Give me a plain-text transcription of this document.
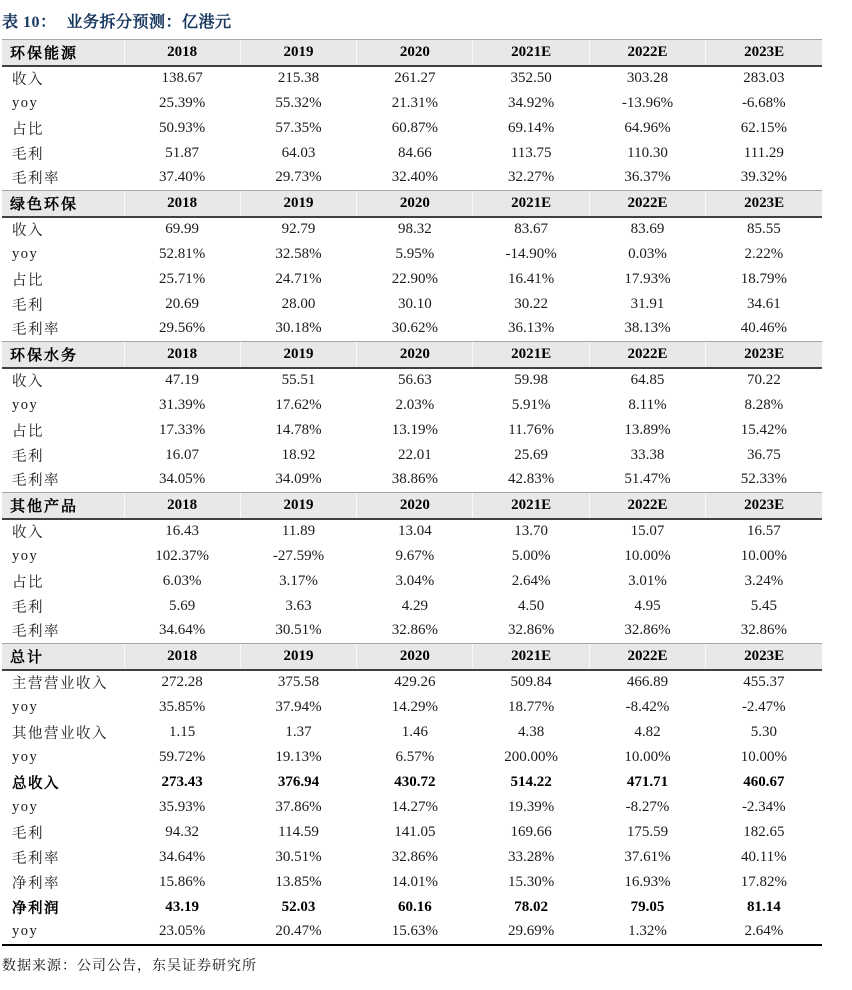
表 10： 业务拆分预测：亿港元
环保能源	2018	2019	2020	2021E	2022E	2023E
收入	138.67	215.38	261.27	352.50	303.28	283.03
yoy	25.39%	55.32%	21.31%	34.92%	-13.96%	-6.68%
占比	50.93%	57.35%	60.87%	69.14%	64.96%	62.15%
毛利	51.87	64.03	84.66	113.75	110.30	111.29
毛利率	37.40%	29.73%	32.40%	32.27%	36.37%	39.32%
绿色环保	2018	2019	2020	2021E	2022E	2023E
收入	69.99	92.79	98.32	83.67	83.69	85.55
yoy	52.81%	32.58%	5.95%	-14.90%	0.03%	2.22%
占比	25.71%	24.71%	22.90%	16.41%	17.93%	18.79%
毛利	20.69	28.00	30.10	30.22	31.91	34.61
毛利率	29.56%	30.18%	30.62%	36.13%	38.13%	40.46%
环保水务	2018	2019	2020	2021E	2022E	2023E
收入	47.19	55.51	56.63	59.98	64.85	70.22
yoy	31.39%	17.62%	2.03%	5.91%	8.11%	8.28%
占比	17.33%	14.78%	13.19%	11.76%	13.89%	15.42%
毛利	16.07	18.92	22.01	25.69	33.38	36.75
毛利率	34.05%	34.09%	38.86%	42.83%	51.47%	52.33%
其他产品	2018	2019	2020	2021E	2022E	2023E
收入	16.43	11.89	13.04	13.70	15.07	16.57
yoy	102.37%	-27.59%	9.67%	5.00%	10.00%	10.00%
占比	6.03%	3.17%	3.04%	2.64%	3.01%	3.24%
毛利	5.69	3.63	4.29	4.50	4.95	5.45
毛利率	34.64%	30.51%	32.86%	32.86%	32.86%	32.86%
总计	2018	2019	2020	2021E	2022E	2023E
主营营业收入	272.28	375.58	429.26	509.84	466.89	455.37
yoy	35.85%	37.94%	14.29%	18.77%	-8.42%	-2.47%
其他营业收入	1.15	1.37	1.46	4.38	4.82	5.30
yoy	59.72%	19.13%	6.57%	200.00%	10.00%	10.00%
总收入	273.43	376.94	430.72	514.22	471.71	460.67
yoy	35.93%	37.86%	14.27%	19.39%	-8.27%	-2.34%
毛利	94.32	114.59	141.05	169.66	175.59	182.65
毛利率	34.64%	30.51%	32.86%	33.28%	37.61%	40.11%
净利率	15.86%	13.85%	14.01%	15.30%	16.93%	17.82%
净利润	43.19	52.03	60.16	78.02	79.05	81.14
yoy	23.05%	20.47%	15.63%	29.69%	1.32%	2.64%
数据来源：公司公告，东吴证券研究所
